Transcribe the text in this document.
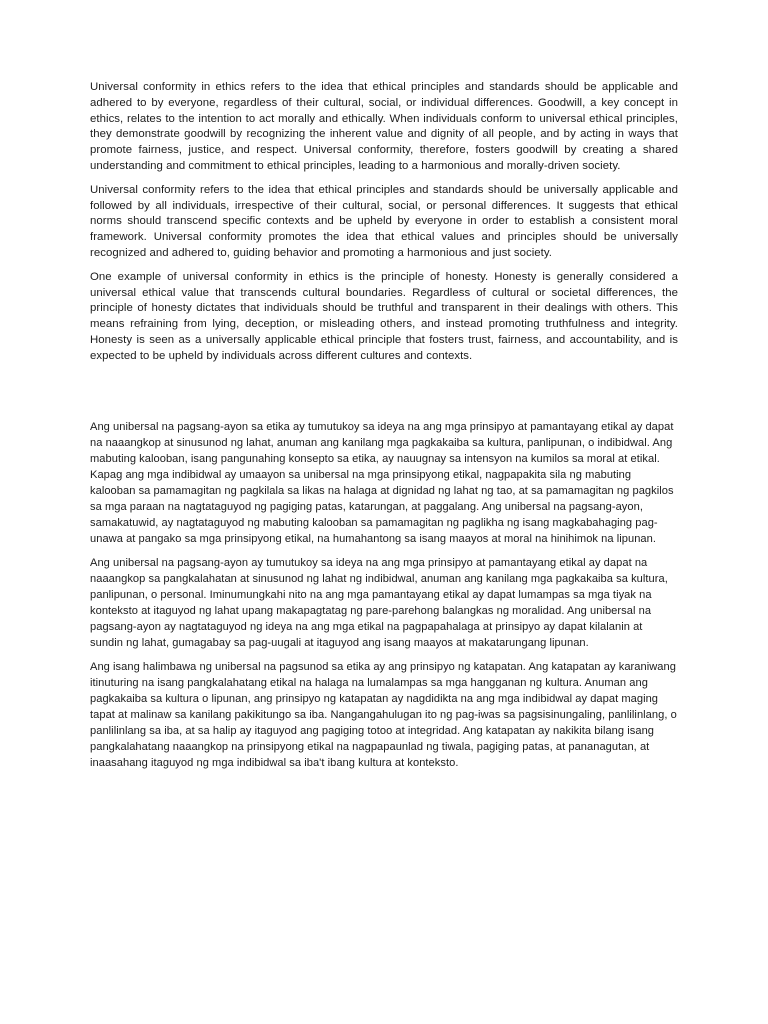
Universal conformity in ethics refers to the idea that ethical principles and standards should be applicable and adhered to by everyone, regardless of their cultural, social, or individual differences. Goodwill, a key concept in ethics, relates to the intention to act morally and ethically. When individuals conform to universal ethical principles, they demonstrate goodwill by recognizing the inherent value and dignity of all people, and by acting in ways that promote fairness, justice, and respect. Universal conformity, therefore, fosters goodwill by creating a shared understanding and commitment to ethical principles, leading to a harmonious and morally-driven society.

Universal conformity refers to the idea that ethical principles and standards should be universally applicable and followed by all individuals, irrespective of their cultural, social, or personal differences. It suggests that ethical norms should transcend specific contexts and be upheld by everyone in order to establish a consistent moral framework. Universal conformity promotes the idea that ethical values and principles should be universally recognized and adhered to, guiding behavior and promoting a harmonious and just society.

One example of universal conformity in ethics is the principle of honesty. Honesty is generally considered a universal ethical value that transcends cultural boundaries. Regardless of cultural or societal differences, the principle of honesty dictates that individuals should be truthful and transparent in their dealings with others. This means refraining from lying, deception, or misleading others, and instead promoting truthfulness and integrity. Honesty is seen as a universally applicable ethical principle that fosters trust, fairness, and accountability, and is expected to be upheld by individuals across different cultures and contexts.

Ang unibersal na pagsang-ayon sa etika ay tumutukoy sa ideya na ang mga prinsipyo at pamantayang etikal ay dapat na naaangkop at sinusunod ng lahat, anuman ang kanilang mga pagkakaiba sa kultura, panlipunan, o indibidwal. Ang mabuting kalooban, isang pangunahing konsepto sa etika, ay nauugnay sa intensyon na kumilos sa moral at etikal. Kapag ang mga indibidwal ay umaayon sa unibersal na mga prinsipyong etikal, nagpapakita sila ng mabuting kalooban sa pamamagitan ng pagkilala sa likas na halaga at dignidad ng lahat ng tao, at sa pamamagitan ng pagkilos sa mga paraan na nagtataguyod ng pagiging patas, katarungan, at paggalang. Ang unibersal na pagsang-ayon, samakatuwid, ay nagtataguyod ng mabuting kalooban sa pamamagitan ng paglikha ng isang magkabahaging pag-unawa at pangako sa mga prinsipyong etikal, na humahantong sa isang maayos at moral na hinihimok na lipunan.

Ang unibersal na pagsang-ayon ay tumutukoy sa ideya na ang mga prinsipyo at pamantayang etikal ay dapat na naaangkop sa pangkalahatan at sinusunod ng lahat ng indibidwal, anuman ang kanilang mga pagkakaiba sa kultura, panlipunan, o personal. Iminumungkahi nito na ang mga pamantayang etikal ay dapat lumampas sa mga tiyak na konteksto at itaguyod ng lahat upang makapagtatag ng pare-parehong balangkas ng moralidad. Ang unibersal na pagsang-ayon ay nagtataguyod ng ideya na ang mga etikal na pagpapahalaga at prinsipyo ay dapat kilalanin at sundin ng lahat, gumagabay sa pag-uugali at itaguyod ang isang maayos at makatarungang lipunan.

Ang isang halimbawa ng unibersal na pagsunod sa etika ay ang prinsipyo ng katapatan. Ang katapatan ay karaniwang itinuturing na isang pangkalahatang etikal na halaga na lumalampas sa mga hangganan ng kultura. Anuman ang pagkakaiba sa kultura o lipunan, ang prinsipyo ng katapatan ay nagdidikta na ang mga indibidwal ay dapat maging tapat at malinaw sa kanilang pakikitungo sa iba. Nangangahulugan ito ng pag-iwas sa pagsisinungaling, panlilinlang, o panlilinlang sa iba, at sa halip ay itaguyod ang pagiging totoo at integridad. Ang katapatan ay nakikita bilang isang pangkalahatang naaangkop na prinsipyong etikal na nagpapaunlad ng tiwala, pagiging patas, at pananagutan, at inaasahang itaguyod ng mga indibidwal sa iba't ibang kultura at konteksto.
